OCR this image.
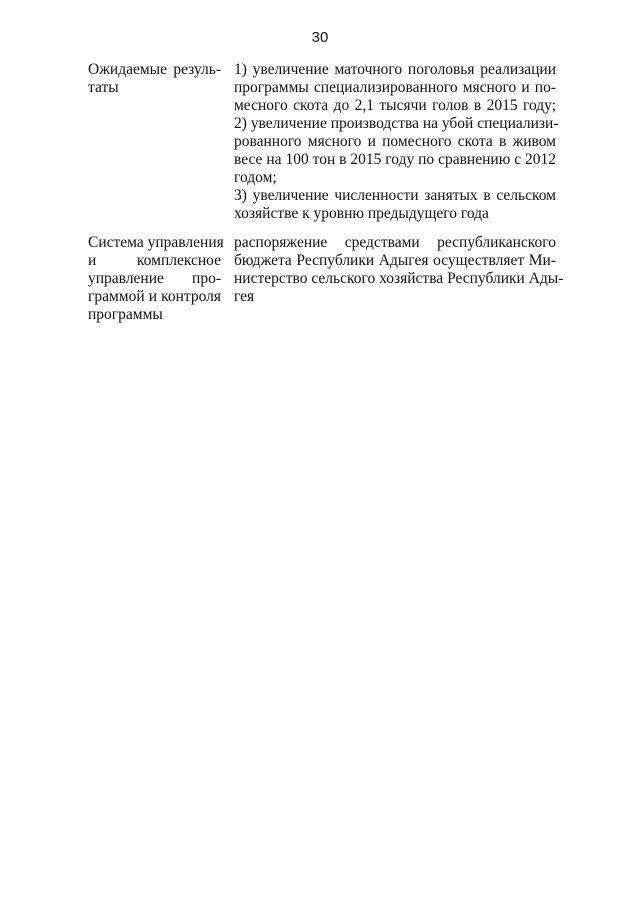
30
Ожидаемые резуль-
таты
1) увеличение маточного поголовья реализации
программы специализированного мясного и по-
месного скота до 2,1 тысячи голов в 2015 году;
2) увеличение производства на убой специализи-
рованного мясного и помесного скота в живом
весе на 100 тон в 2015 году по сравнению с 2012
годом;
3) увеличение численности занятых в сельском
хозяйстве к уровню предыдущего года
Система управления
и комплексное
управление про-
граммой и контроля
программы
распоряжение средствами республиканского
бюджета Республики Адыгея осуществляет Ми-
нистерство сельского хозяйства Республики Ады-
гея
